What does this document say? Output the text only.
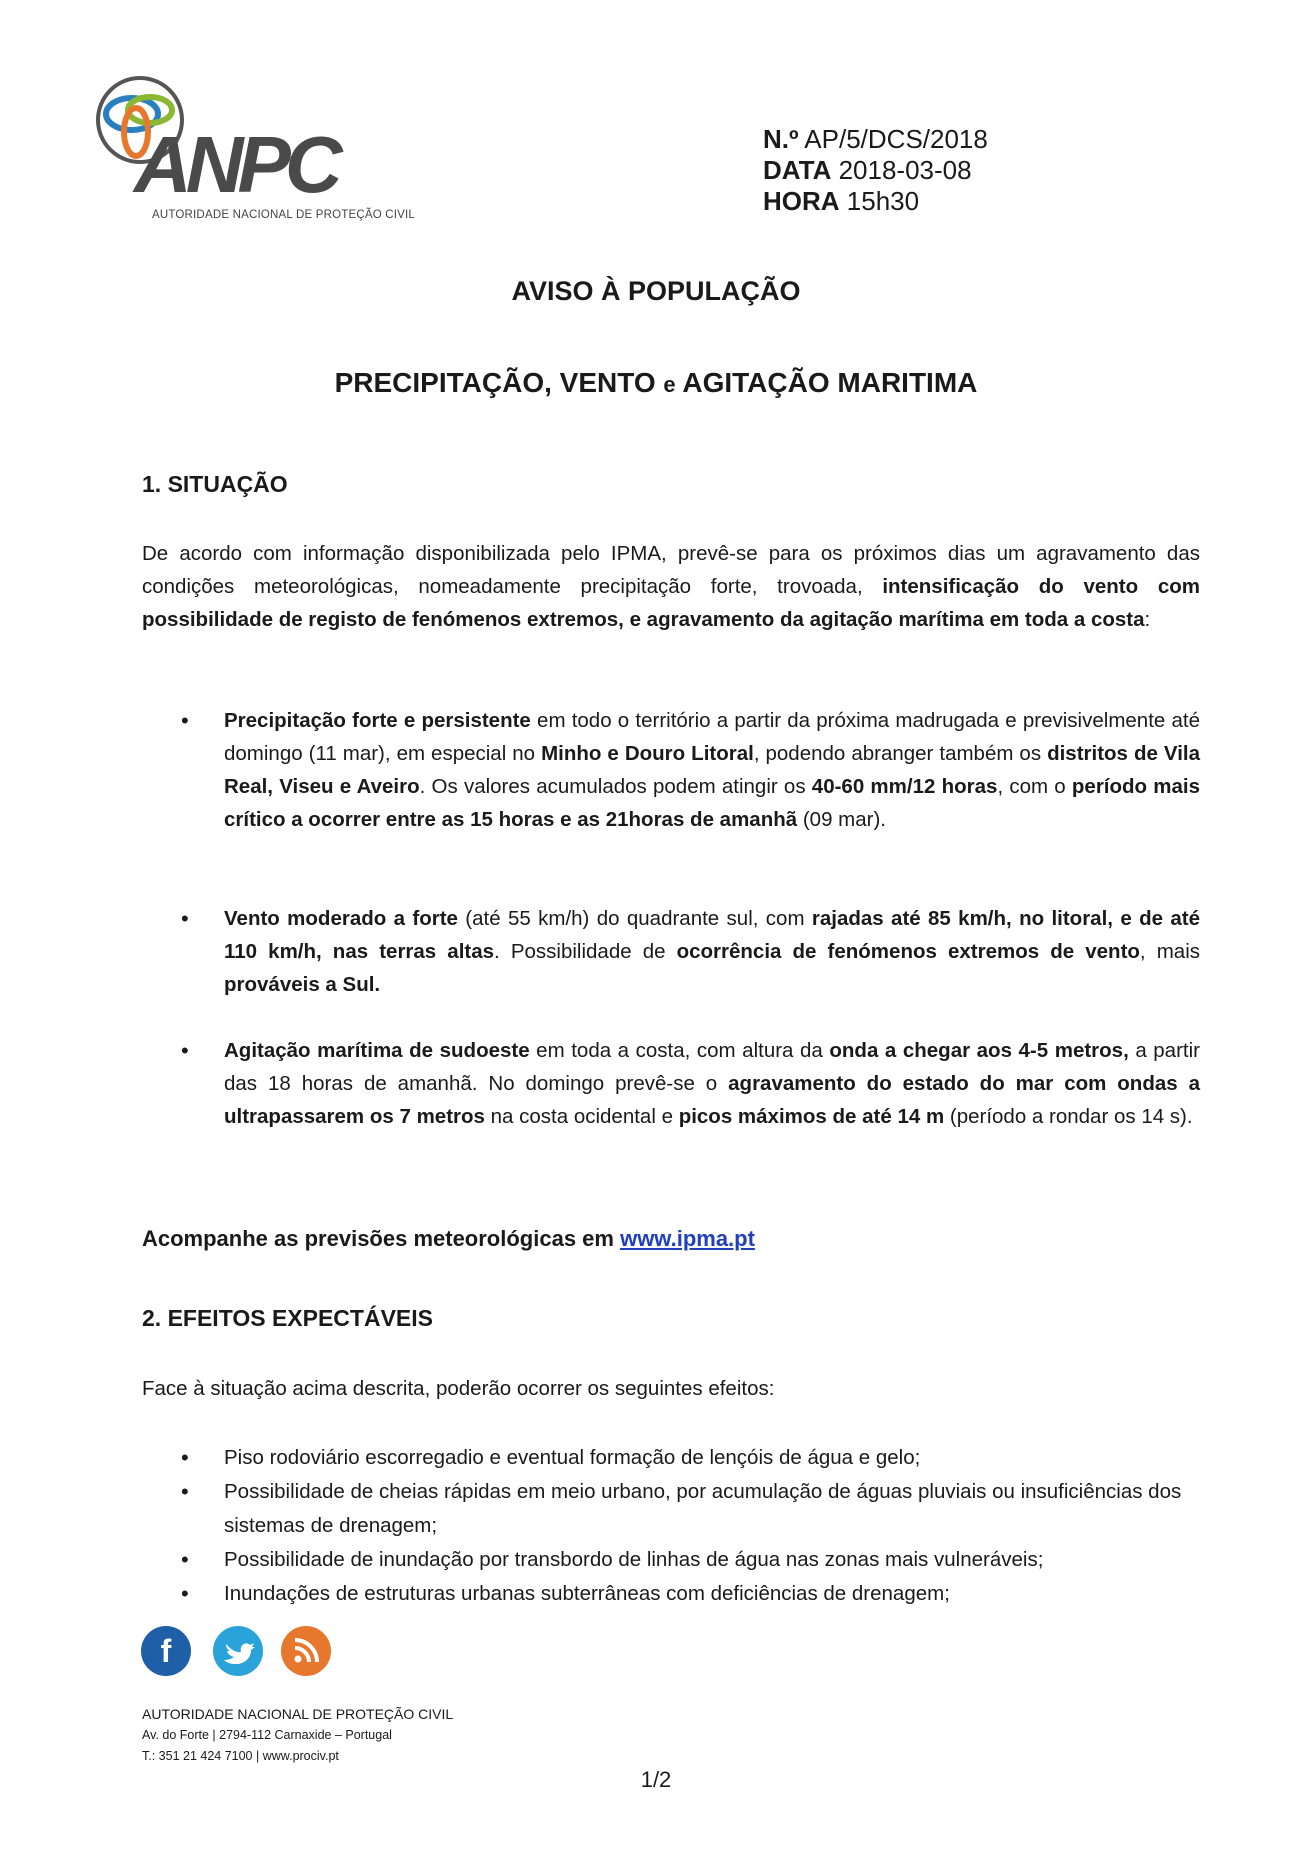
ANPC
AUTORIDADE NACIONAL DE PROTEÇÃO CIVIL
N.º AP/5/DCS/2018
DATA 2018-03-08
HORA 15h30
AVISO À POPULAÇÃO
PRECIPITAÇÃO, VENTO e AGITAÇÃO MARITIMA
1. SITUAÇÃO
De acordo com informação disponibilizada pelo IPMA, prevê-se para os próximos dias um agravamento das condições meteorológicas, nomeadamente precipitação forte, trovoada, intensificação do vento com possibilidade de registo de fenómenos extremos, e agravamento da agitação marítima em toda a costa:
• Precipitação forte e persistente em todo o território a partir da próxima madrugada e previsivelmente até domingo (11 mar), em especial no Minho e Douro Litoral, podendo abranger também os distritos de Vila Real, Viseu e Aveiro. Os valores acumulados podem atingir os 40-60 mm/12 horas, com o período mais crítico a ocorrer entre as 15 horas e as 21horas de amanhã (09 mar).
• Vento moderado a forte (até 55 km/h) do quadrante sul, com rajadas até 85 km/h, no litoral, e de até 110 km/h, nas terras altas. Possibilidade de ocorrência de fenómenos extremos de vento, mais prováveis a Sul.
• Agitação marítima de sudoeste em toda a costa, com altura da onda a chegar aos 4-5 metros, a partir das 18 horas de amanhã. No domingo prevê-se o agravamento do estado do mar com ondas a ultrapassarem os 7 metros na costa ocidental e picos máximos de até 14 m (período a rondar os 14 s).
Acompanhe as previsões meteorológicas em www.ipma.pt
2. EFEITOS EXPECTÁVEIS
Face à situação acima descrita, poderão ocorrer os seguintes efeitos:
• Piso rodoviário escorregadio e eventual formação de lençóis de água e gelo;
• Possibilidade de cheias rápidas em meio urbano, por acumulação de águas pluviais ou insuficiências dos sistemas de drenagem;
• Possibilidade de inundação por transbordo de linhas de água nas zonas mais vulneráveis;
• Inundações de estruturas urbanas subterrâneas com deficiências de drenagem;
f
AUTORIDADE NACIONAL DE PROTEÇÃO CIVIL
Av. do Forte | 2794-112 Carnaxide – Portugal
T.: 351 21 424 7100 | www.prociv.pt
1/2
